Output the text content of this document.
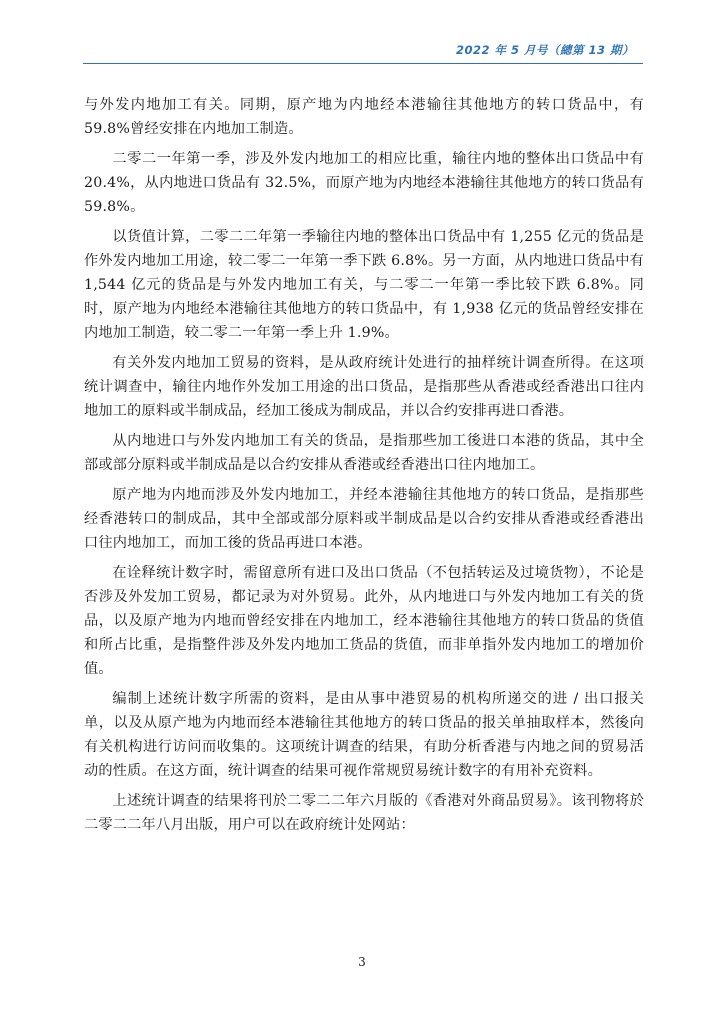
2022 年 5 月号（總第 13 期）

与外发内地加工有关。同期，原产地为内地经本港输往其他地方的转口货品中，有59.8%曾经安排在内地加工制造。

二零二一年第一季，涉及外发内地加工的相应比重，输往内地的整体出口货品中有 20.4%，从内地进口货品有 32.5%，而原产地为内地经本港输往其他地方的转口货品有 59.8%。

以货值计算，二零二二年第一季输往内地的整体出口货品中有 1,255 亿元的货品是作外发内地加工用途，较二零二一年第一季下跌 6.8%。另一方面，从内地进口货品中有 1,544 亿元的货品是与外发内地加工有关，与二零二一年第一季比较下跌 6.8%。同时，原产地为内地经本港输往其他地方的转口货品中，有 1,938 亿元的货品曾经安排在内地加工制造，较二零二一年第一季上升 1.9%。

有关外发内地加工贸易的资料，是从政府统计处进行的抽样统计调查所得。在这项统计调查中，输往内地作外发加工用途的出口货品，是指那些从香港或经香港出口往内地加工的原料或半制成品，经加工後成为制成品，并以合约安排再进口香港。

从内地进口与外发内地加工有关的货品，是指那些加工後进口本港的货品，其中全部或部分原料或半制成品是以合约安排从香港或经香港出口往内地加工。

原产地为内地而涉及外发内地加工，并经本港输往其他地方的转口货品，是指那些经香港转口的制成品，其中全部或部分原料或半制成品是以合约安排从香港或经香港出口往内地加工，而加工後的货品再进口本港。

在诠释统计数字时，需留意所有进口及出口货品（不包括转运及过境货物），不论是否涉及外发加工贸易，都记录为对外贸易。此外，从内地进口与外发内地加工有关的货品，以及原产地为内地而曾经安排在内地加工，经本港输往其他地方的转口货品的货值和所占比重，是指整件涉及外发内地加工货品的货值，而非单指外发内地加工的增加价值。

编制上述统计数字所需的资料，是由从事中港贸易的机构所递交的进 / 出口报关单，以及从原产地为内地而经本港输往其他地方的转口货品的报关单抽取样本，然後向有关机构进行访问而收集的。这项统计调查的结果，有助分析香港与内地之间的贸易活动的性质。在这方面，统计调查的结果可视作常规贸易统计数字的有用补充资料。

上述统计调查的结果将刊於二零二二年六月版的《香港对外商品贸易》。该刊物将於二零二二年八月出版，用户可以在政府统计处网站：

3
